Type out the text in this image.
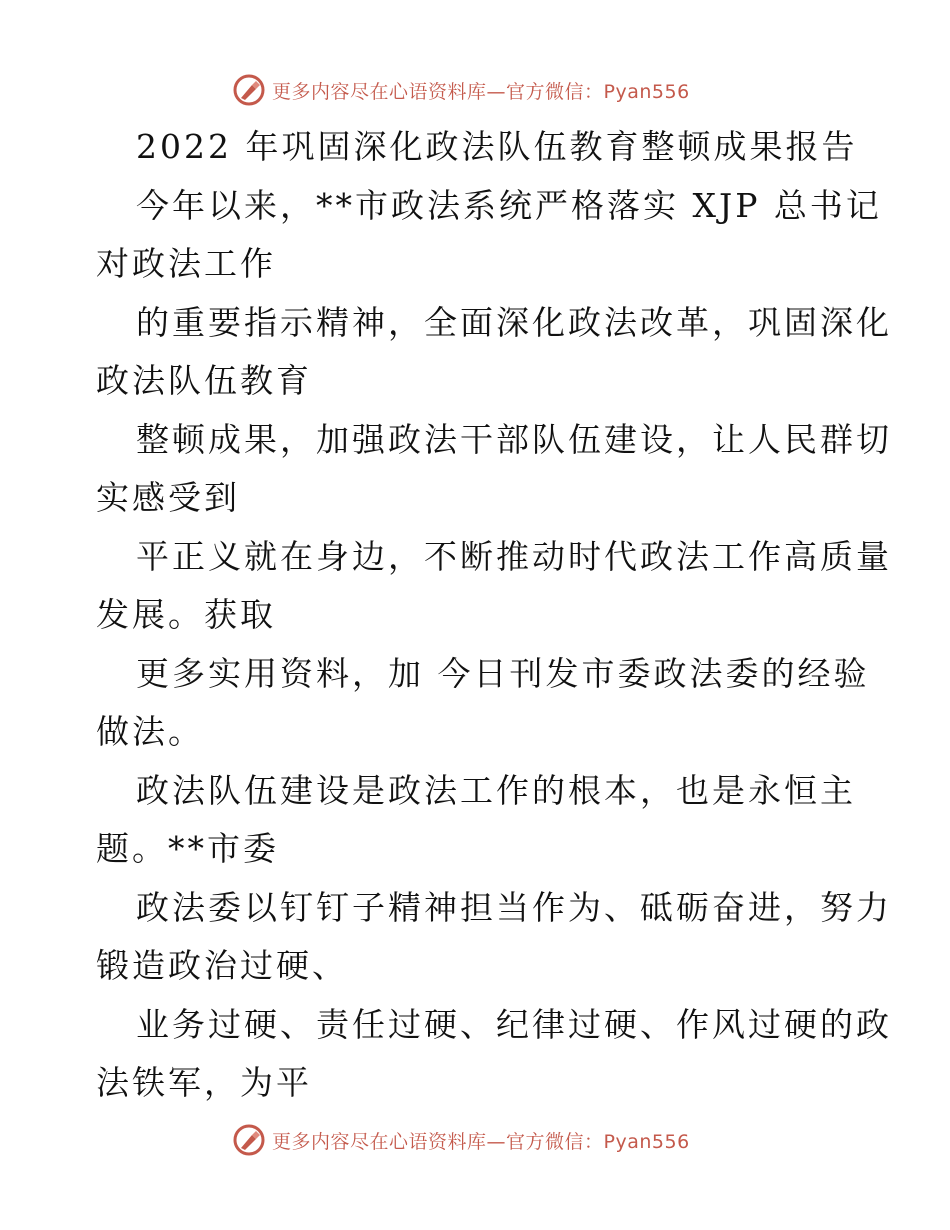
更多内容尽在心语资料库—官方微信：Pyan556
2022 年巩固深化政法队伍教育整顿成果报告
今年以来，**市政法系统严格落实 XJP 总书记
对政法工作
的重要指示精神，全面深化政法改革，巩固深化
政法队伍教育
整顿成果，加强政法干部队伍建设，让人民群切
实感受到
平正义就在身边，不断推动时代政法工作高质量
发展。获取
更多实用资料，加 今日刊发市委政法委的经验
做法。
政法队伍建设是政法工作的根本，也是永恒主
题。**市委
政法委以钉钉子精神担当作为、砥砺奋进，努力
锻造政治过硬、
业务过硬、责任过硬、纪律过硬、作风过硬的政
法铁军，为平
更多内容尽在心语资料库—官方微信：Pyan556
